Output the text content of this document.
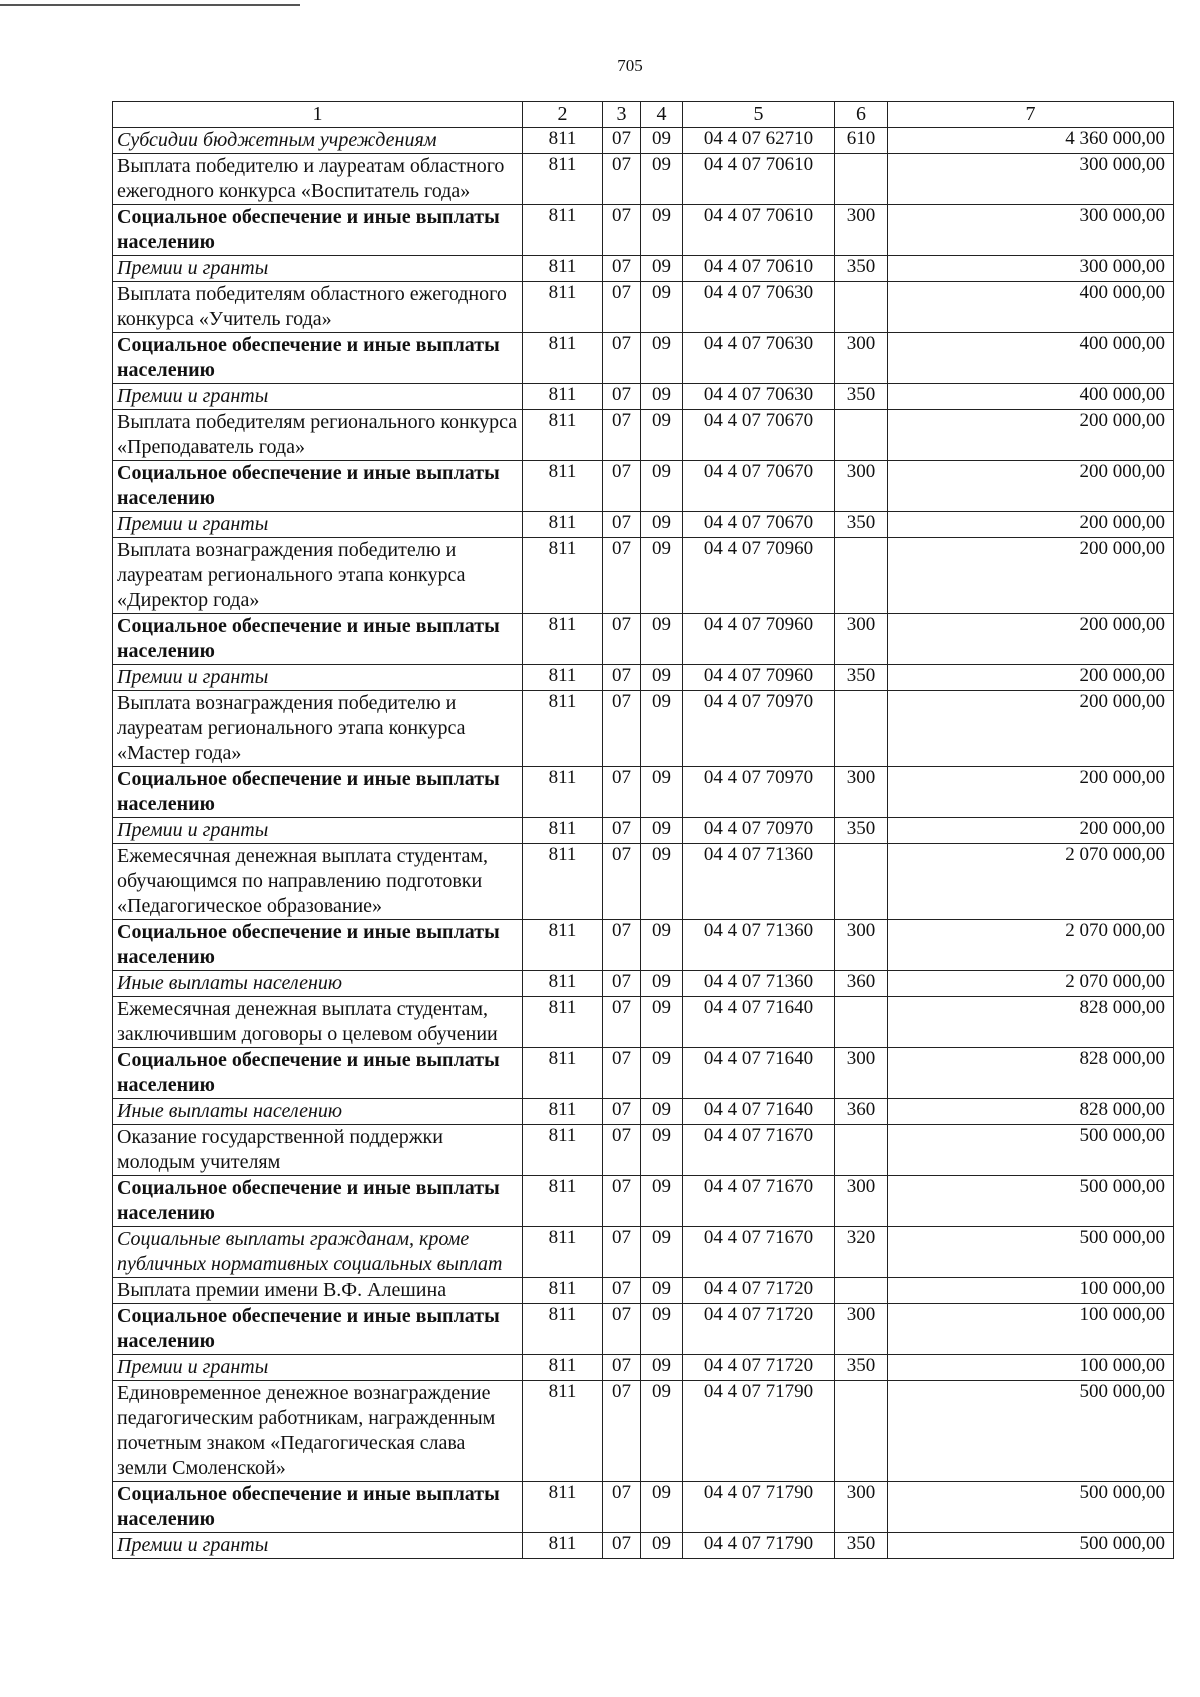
705
1	2	3	4	5	6	7
Субсидии бюджетным учреждениям	811	07	09	04 4 07 62710	610	4 360 000,00
Выплата победителю и лауреатам областного ежегодного конкурса «Воспитатель года»	811	07	09	04 4 07 70610		300 000,00
Социальное обеспечение и иные выплаты населению	811	07	09	04 4 07 70610	300	300 000,00
Премии и гранты	811	07	09	04 4 07 70610	350	300 000,00
Выплата победителям областного ежегодного конкурса «Учитель года»	811	07	09	04 4 07 70630		400 000,00
Социальное обеспечение и иные выплаты населению	811	07	09	04 4 07 70630	300	400 000,00
Премии и гранты	811	07	09	04 4 07 70630	350	400 000,00
Выплата победителям регионального конкурса «Преподаватель года»	811	07	09	04 4 07 70670		200 000,00
Социальное обеспечение и иные выплаты населению	811	07	09	04 4 07 70670	300	200 000,00
Премии и гранты	811	07	09	04 4 07 70670	350	200 000,00
Выплата вознаграждения победителю и лауреатам регионального этапа конкурса «Директор года»	811	07	09	04 4 07 70960		200 000,00
Социальное обеспечение и иные выплаты населению	811	07	09	04 4 07 70960	300	200 000,00
Премии и гранты	811	07	09	04 4 07 70960	350	200 000,00
Выплата вознаграждения победителю и лауреатам регионального этапа конкурса «Мастер года»	811	07	09	04 4 07 70970		200 000,00
Социальное обеспечение и иные выплаты населению	811	07	09	04 4 07 70970	300	200 000,00
Премии и гранты	811	07	09	04 4 07 70970	350	200 000,00
Ежемесячная денежная выплата студентам, обучающимся по направлению подготовки «Педагогическое образование»	811	07	09	04 4 07 71360		2 070 000,00
Социальное обеспечение и иные выплаты населению	811	07	09	04 4 07 71360	300	2 070 000,00
Иные выплаты населению	811	07	09	04 4 07 71360	360	2 070 000,00
Ежемесячная денежная выплата студентам, заключившим договоры о целевом обучении	811	07	09	04 4 07 71640		828 000,00
Социальное обеспечение и иные выплаты населению	811	07	09	04 4 07 71640	300	828 000,00
Иные выплаты населению	811	07	09	04 4 07 71640	360	828 000,00
Оказание государственной поддержки молодым учителям	811	07	09	04 4 07 71670		500 000,00
Социальное обеспечение и иные выплаты населению	811	07	09	04 4 07 71670	300	500 000,00
Социальные выплаты гражданам, кроме публичных нормативных социальных выплат	811	07	09	04 4 07 71670	320	500 000,00
Выплата премии имени В.Ф. Алешина	811	07	09	04 4 07 71720		100 000,00
Социальное обеспечение и иные выплаты населению	811	07	09	04 4 07 71720	300	100 000,00
Премии и гранты	811	07	09	04 4 07 71720	350	100 000,00
Единовременное денежное вознаграждение педагогическим работникам, награжденным почетным знаком «Педагогическая слава земли Смоленской»	811	07	09	04 4 07 71790		500 000,00
Социальное обеспечение и иные выплаты населению	811	07	09	04 4 07 71790	300	500 000,00
Премии и гранты	811	07	09	04 4 07 71790	350	500 000,00
